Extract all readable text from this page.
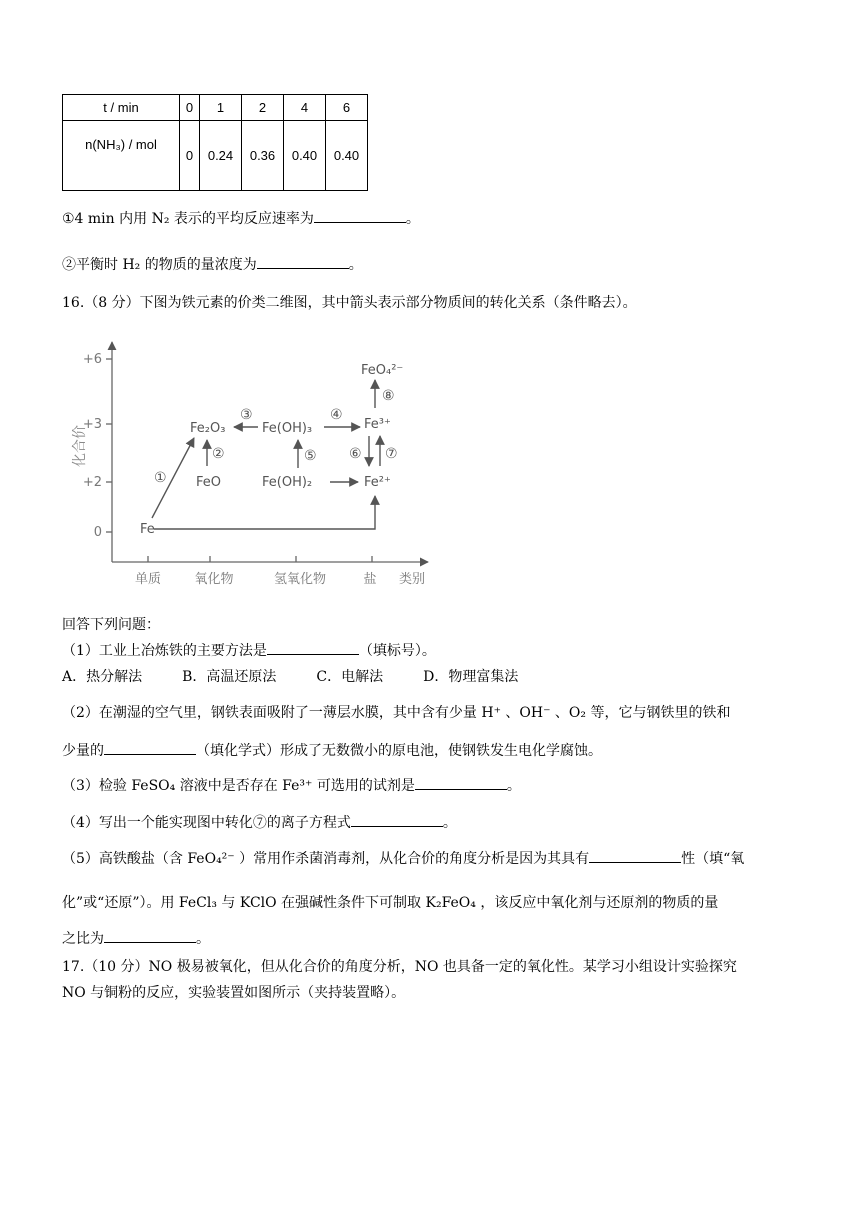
t / min	0	1	2	4	6
n(NH₃) / mol	0	0.24	0.36	0.40	0.40
①4 min 内用 N₂ 表示的平均反应速率为	。
②平衡时 H₂ 的物质的量浓度为	。
16.（8 分）下图为铁元素的价类二维图，其中箭头表示部分物质间的转化关系（条件略去）。
+6
+3
+2
0
单质	氧化物	氢氧化物	盐 类别
化合价
Fe
FeO
Fe₂O₃
Fe(OH)₂
Fe(OH)₃
Fe²⁺
Fe³⁺
FeO₄²⁻
①
②
③	④
⑤ ⑥ ⑦
⑧
回答下列问题：
（1）工业上冶炼铁的主要方法是	（填标号）。
A．热分解法	B．高温还原法	C．电解法	D．物理富集法
（2）在潮湿的空气里，钢铁表面吸附了一薄层水膜，其中含有少量 H⁺ 、OH⁻ 、O₂ 等，它与钢铁里的铁和
少量的	（填化学式）形成了无数微小的原电池，使钢铁发生电化学腐蚀。
（3）检验 FeSO₄ 溶液中是否存在 Fe³⁺ 可选用的试剂是	。
（4）写出一个能实现图中转化⑦的离子方程式	。
（5）高铁酸盐（含 FeO₄²⁻ ）常用作杀菌消毒剂，从化合价的角度分析是因为其具有	性（填“氧
化”或“还原”）。用 FeCl₃ 与 KClO 在强碱性条件下可制取 K₂FeO₄ ，该反应中氧化剂与还原剂的物质的量
之比为	。
17.（10 分）NO 极易被氧化，但从化合价的角度分析，NO 也具备一定的氧化性。某学习小组设计实验探究
NO 与铜粉的反应，实验装置如图所示（夹持装置略）。
